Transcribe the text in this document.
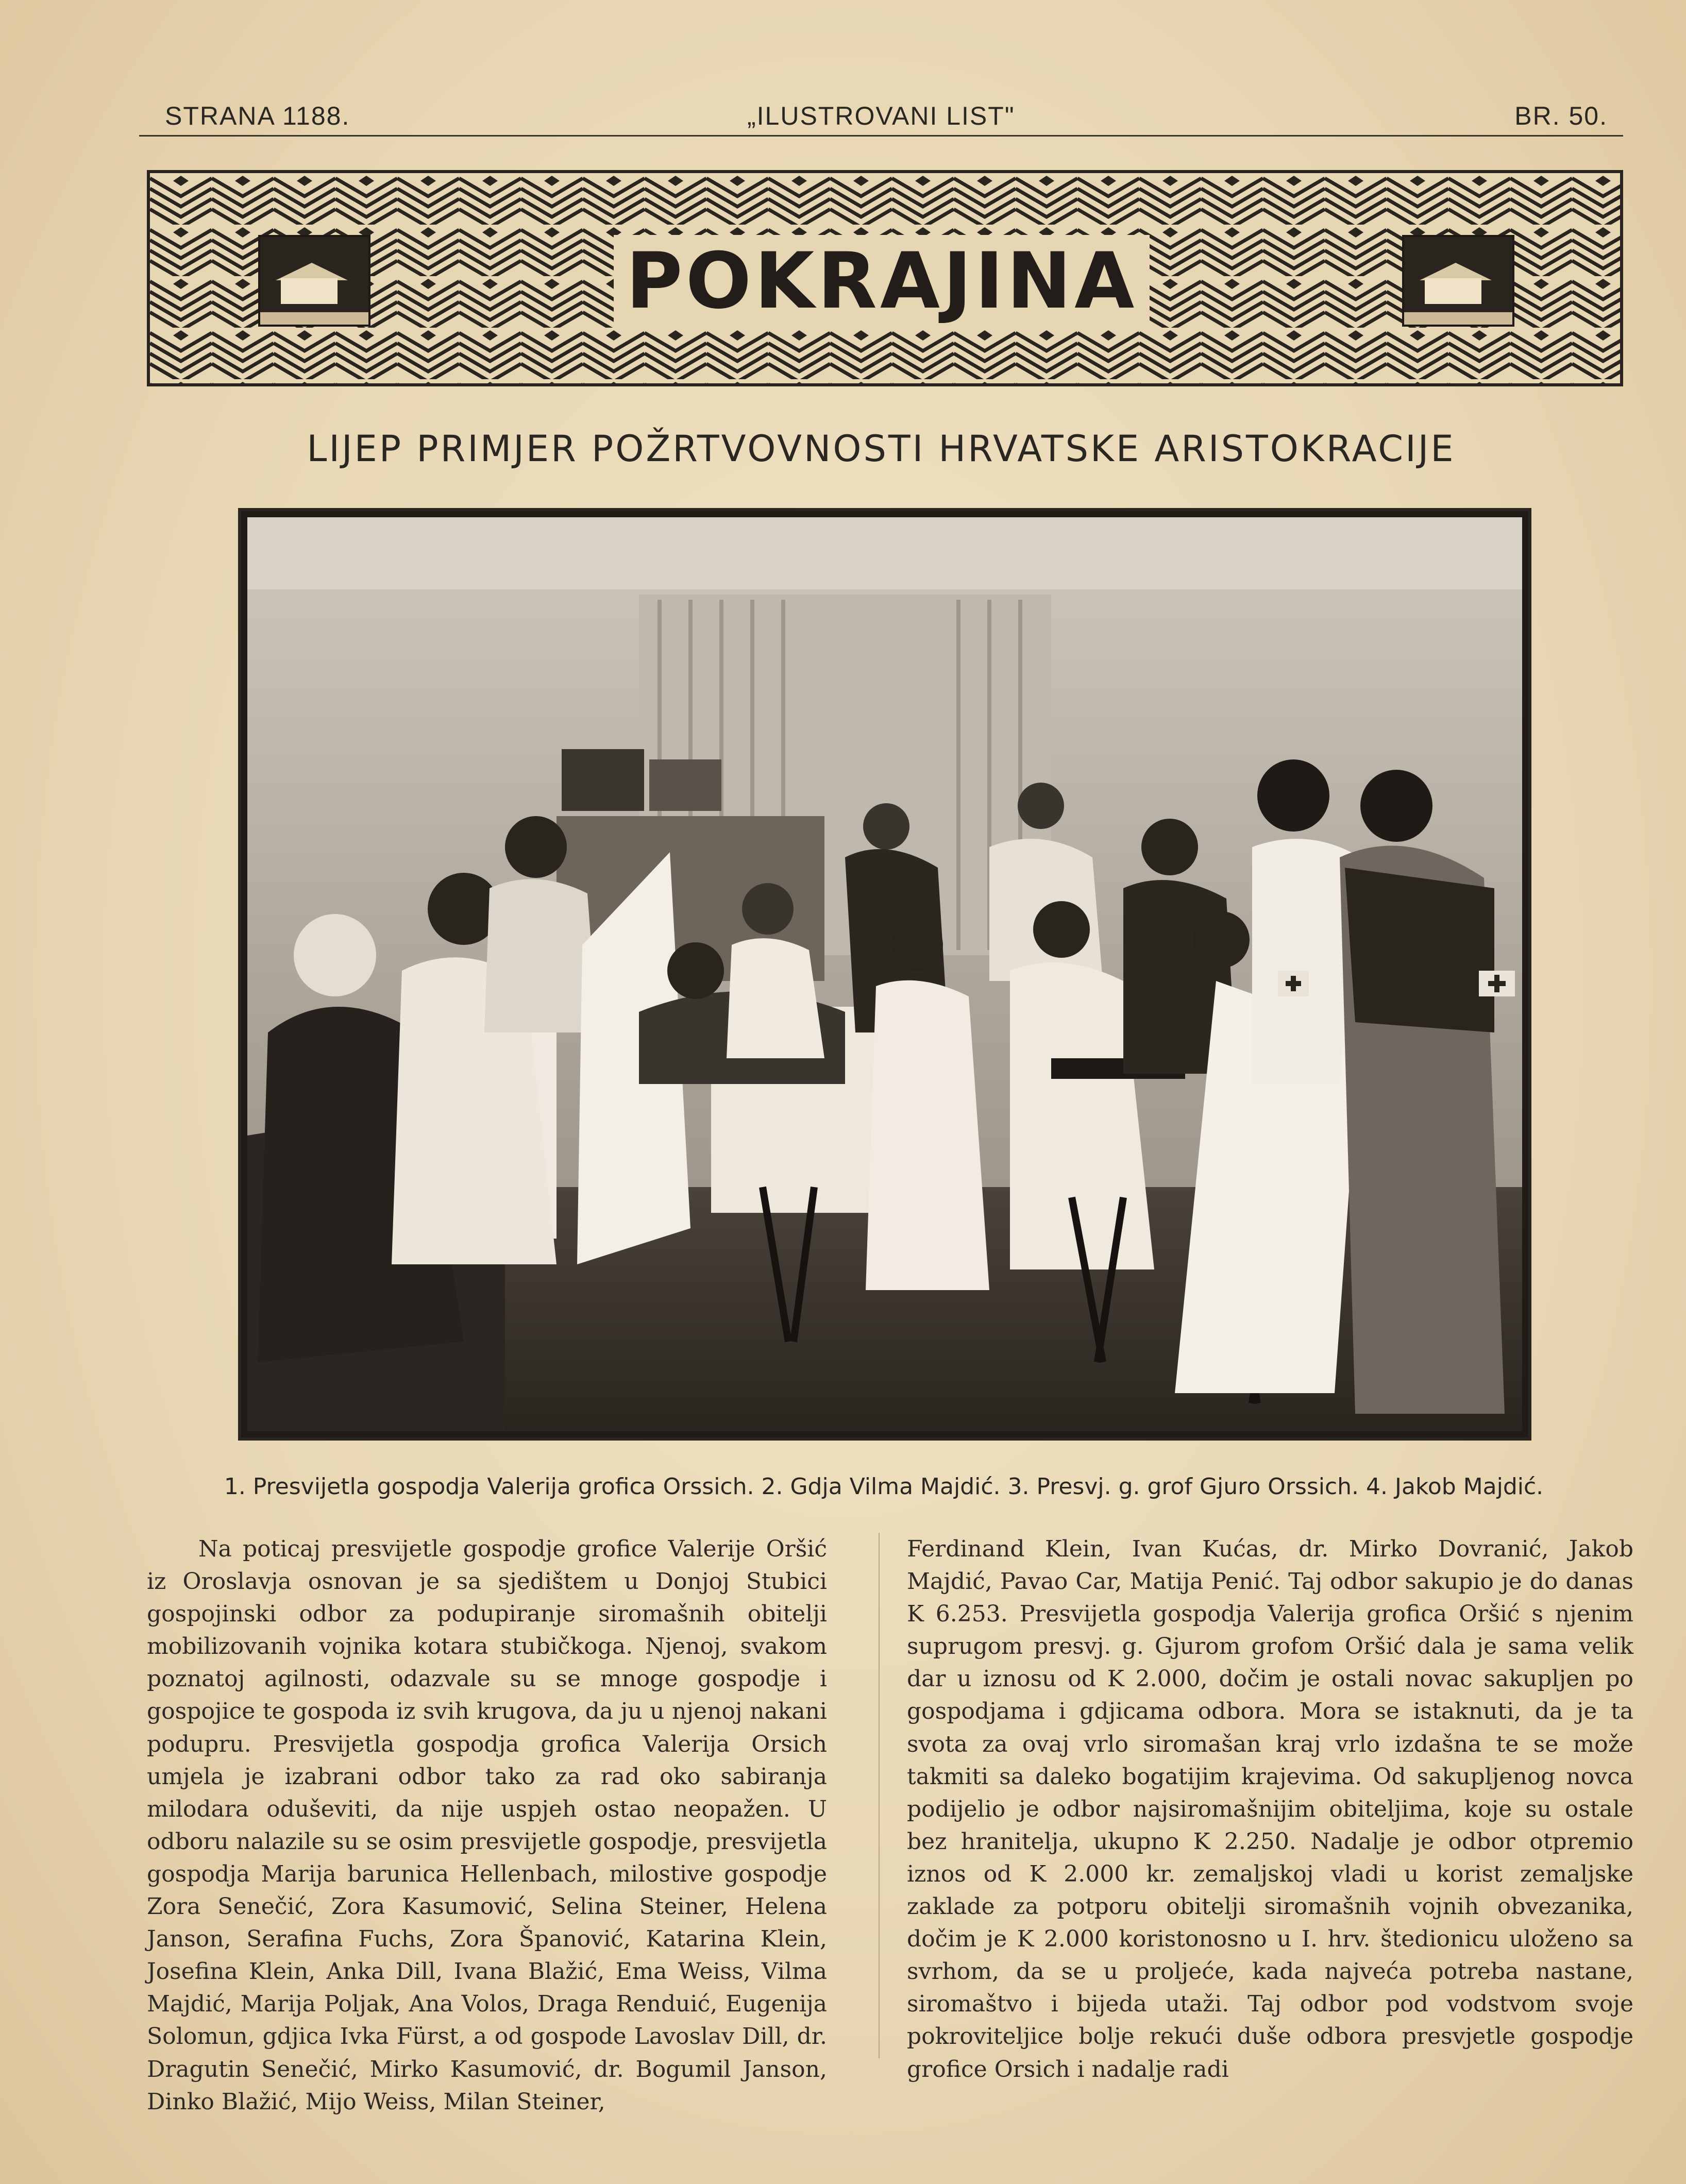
STRANA 1188.	„ILUSTROVANI LIST"	BR. 50.
POKRAJINA
LIJEP PRIMJER POŽRTVOVNOSTI HRVATSKE ARISTOKRACIJE
1. Presvijetla gospodja Valerija grofica Orssich. 2. Gdja Vilma Majdić. 3. Presvj. g. grof Gjuro Orssich. 4. Jakob Majdić.
Na poticaj presvijetle gospodje grofice Valerije Oršić iz Oroslavja osnovan je sa sjedištem u Donjoj Stubici gospojinski odbor za podupiranje siromašnih obitelji mobilizovanih vojnika kotara stubičkoga. Njenoj, svakom poznatoj agilnosti, odazvale su se mnoge gospodje i gospojice te gospoda iz svih krugova, da ju u njenoj nakani podupru. Presvijetla gospodja grofica Valerija Orsich umjela je izabrani odbor tako za rad oko sabiranja milodara oduševiti, da nije uspjeh ostao neopažen. U odboru nalazile su se osim presvijetle gospodje, presvijetla gospodja Marija barunica Hellenbach, milostive gospodje Zora Senečić, Zora Kasumović, Selina Steiner, Helena Janson, Serafina Fuchs, Zora Španović, Katarina Klein, Josefina Klein, Anka Dill, Ivana Blažić, Ema Weiss, Vilma Majdić, Marija Poljak, Ana Volos, Draga Renduić, Eugenija Solomun, gdjica Ivka Fürst, a od gospode Lavoslav Dill, dr. Dragutin Senečić, Mirko Kasumović, dr. Bogumil Janson, Dinko Blažić, Mijo Weiss, Milan Steiner,
Ferdinand Klein, Ivan Kućas, dr. Mirko Dovranić, Jakob Majdić, Pavao Car, Matija Penić. Taj odbor sakupio je do danas K 6.253. Presvijetla gospodja Valerija grofica Oršić s njenim suprugom presvj. g. Gjurom grofom Oršić dala je sama velik dar u iznosu od K 2.000, dočim je ostali novac sakupljen po gospodjama i gdjicama odbora. Mora se istaknuti, da je ta svota za ovaj vrlo siromašan kraj vrlo izdašna te se može takmiti sa daleko bogatijim krajevima. Od sakupljenog novca podijelio je odbor najsiromašnijim obiteljima, koje su ostale bez hranitelja, ukupno K 2.250. Nadalje je odbor otpremio iznos od K 2.000 kr. zemaljskoj vladi u korist zemaljske zaklade za potporu obitelji siromašnih vojnih obvezanika, dočim je K 2.000 koristonosno u I. hrv. štedionicu uloženo sa svrhom, da se u proljeće, kada najveća potreba nastane, siromaštvo i bijeda utaži. Taj odbor pod vodstvom svoje pokroviteljice bolje rekući duše odbora presvjetle gospodje grofice Orsich i nadalje radi
